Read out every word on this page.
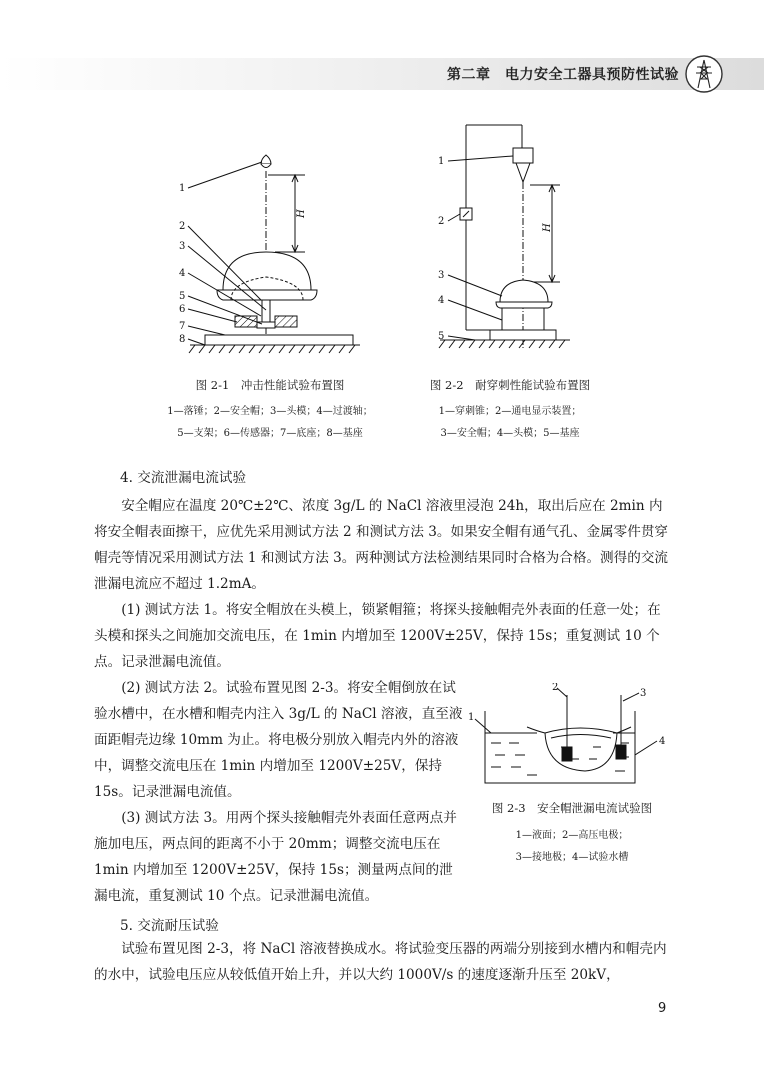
第二章　电力安全工器具预防性试验
1
2
3
4
5
6
7
8
H
图 2-1　冲击性能试验布置图
1—落锤；2—安全帽；3—头模；4—过渡轴；
5—支架；6—传感器；7—底座；8—基座
1
2
3
4
5
H
图 2-2　耐穿刺性能试验布置图
1—穿刺锥；2—通电显示装置；
3—安全帽；4—头模；5—基座
4. 交流泄漏电流试验

安全帽应在温度 20℃±2℃、浓度 3g/L 的 NaCl 溶液里浸泡 24h，取出后应在 2min 内将安全帽表面擦干，应优先采用测试方法 2 和测试方法 3。如果安全帽有通气孔、金属零件贯穿帽壳等情况采用测试方法 1 和测试方法 3。两种测试方法检测结果同时合格为合格。测得的交流泄漏电流应不超过 1.2mA。

(1) 测试方法 1。将安全帽放在头模上，锁紧帽箍；将探头接触帽壳外表面的任意一处；在头模和探头之间施加交流电压，在 1min 内增加至 1200V±25V，保持 15s；重复测试 10 个点。记录泄漏电流值。

(2) 测试方法 2。试验布置见图 2-3。将安全帽倒放在试验水槽中，在水槽和帽壳内注入 3g/L 的 NaCl 溶液，直至液面距帽壳边缘 10mm 为止。将电极分别放入帽壳内外的溶液中，调整交流电压在 1min 内增加至 1200V±25V，保持 15s。记录泄漏电流值。

(3) 测试方法 3。用两个探头接触帽壳外表面任意两点并施加电压，两点间的距离不小于 20mm；调整交流电压在 1min 内增加至 1200V±25V，保持 15s；测量两点间的泄漏电流，重复测试 10 个点。记录泄漏电流值。

1
2
3
4
图 2-3　安全帽泄漏电流试验图
1—液面；2—高压电极；
3—接地极；4—试验水槽
5. 交流耐压试验

试验布置见图 2-3，将 NaCl 溶液替换成水。将试验变压器的两端分别接到水槽内和帽壳内的水中，试验电压应从较低值开始上升，并以大约 1000V/s 的速度逐渐升压至 20kV，

9
